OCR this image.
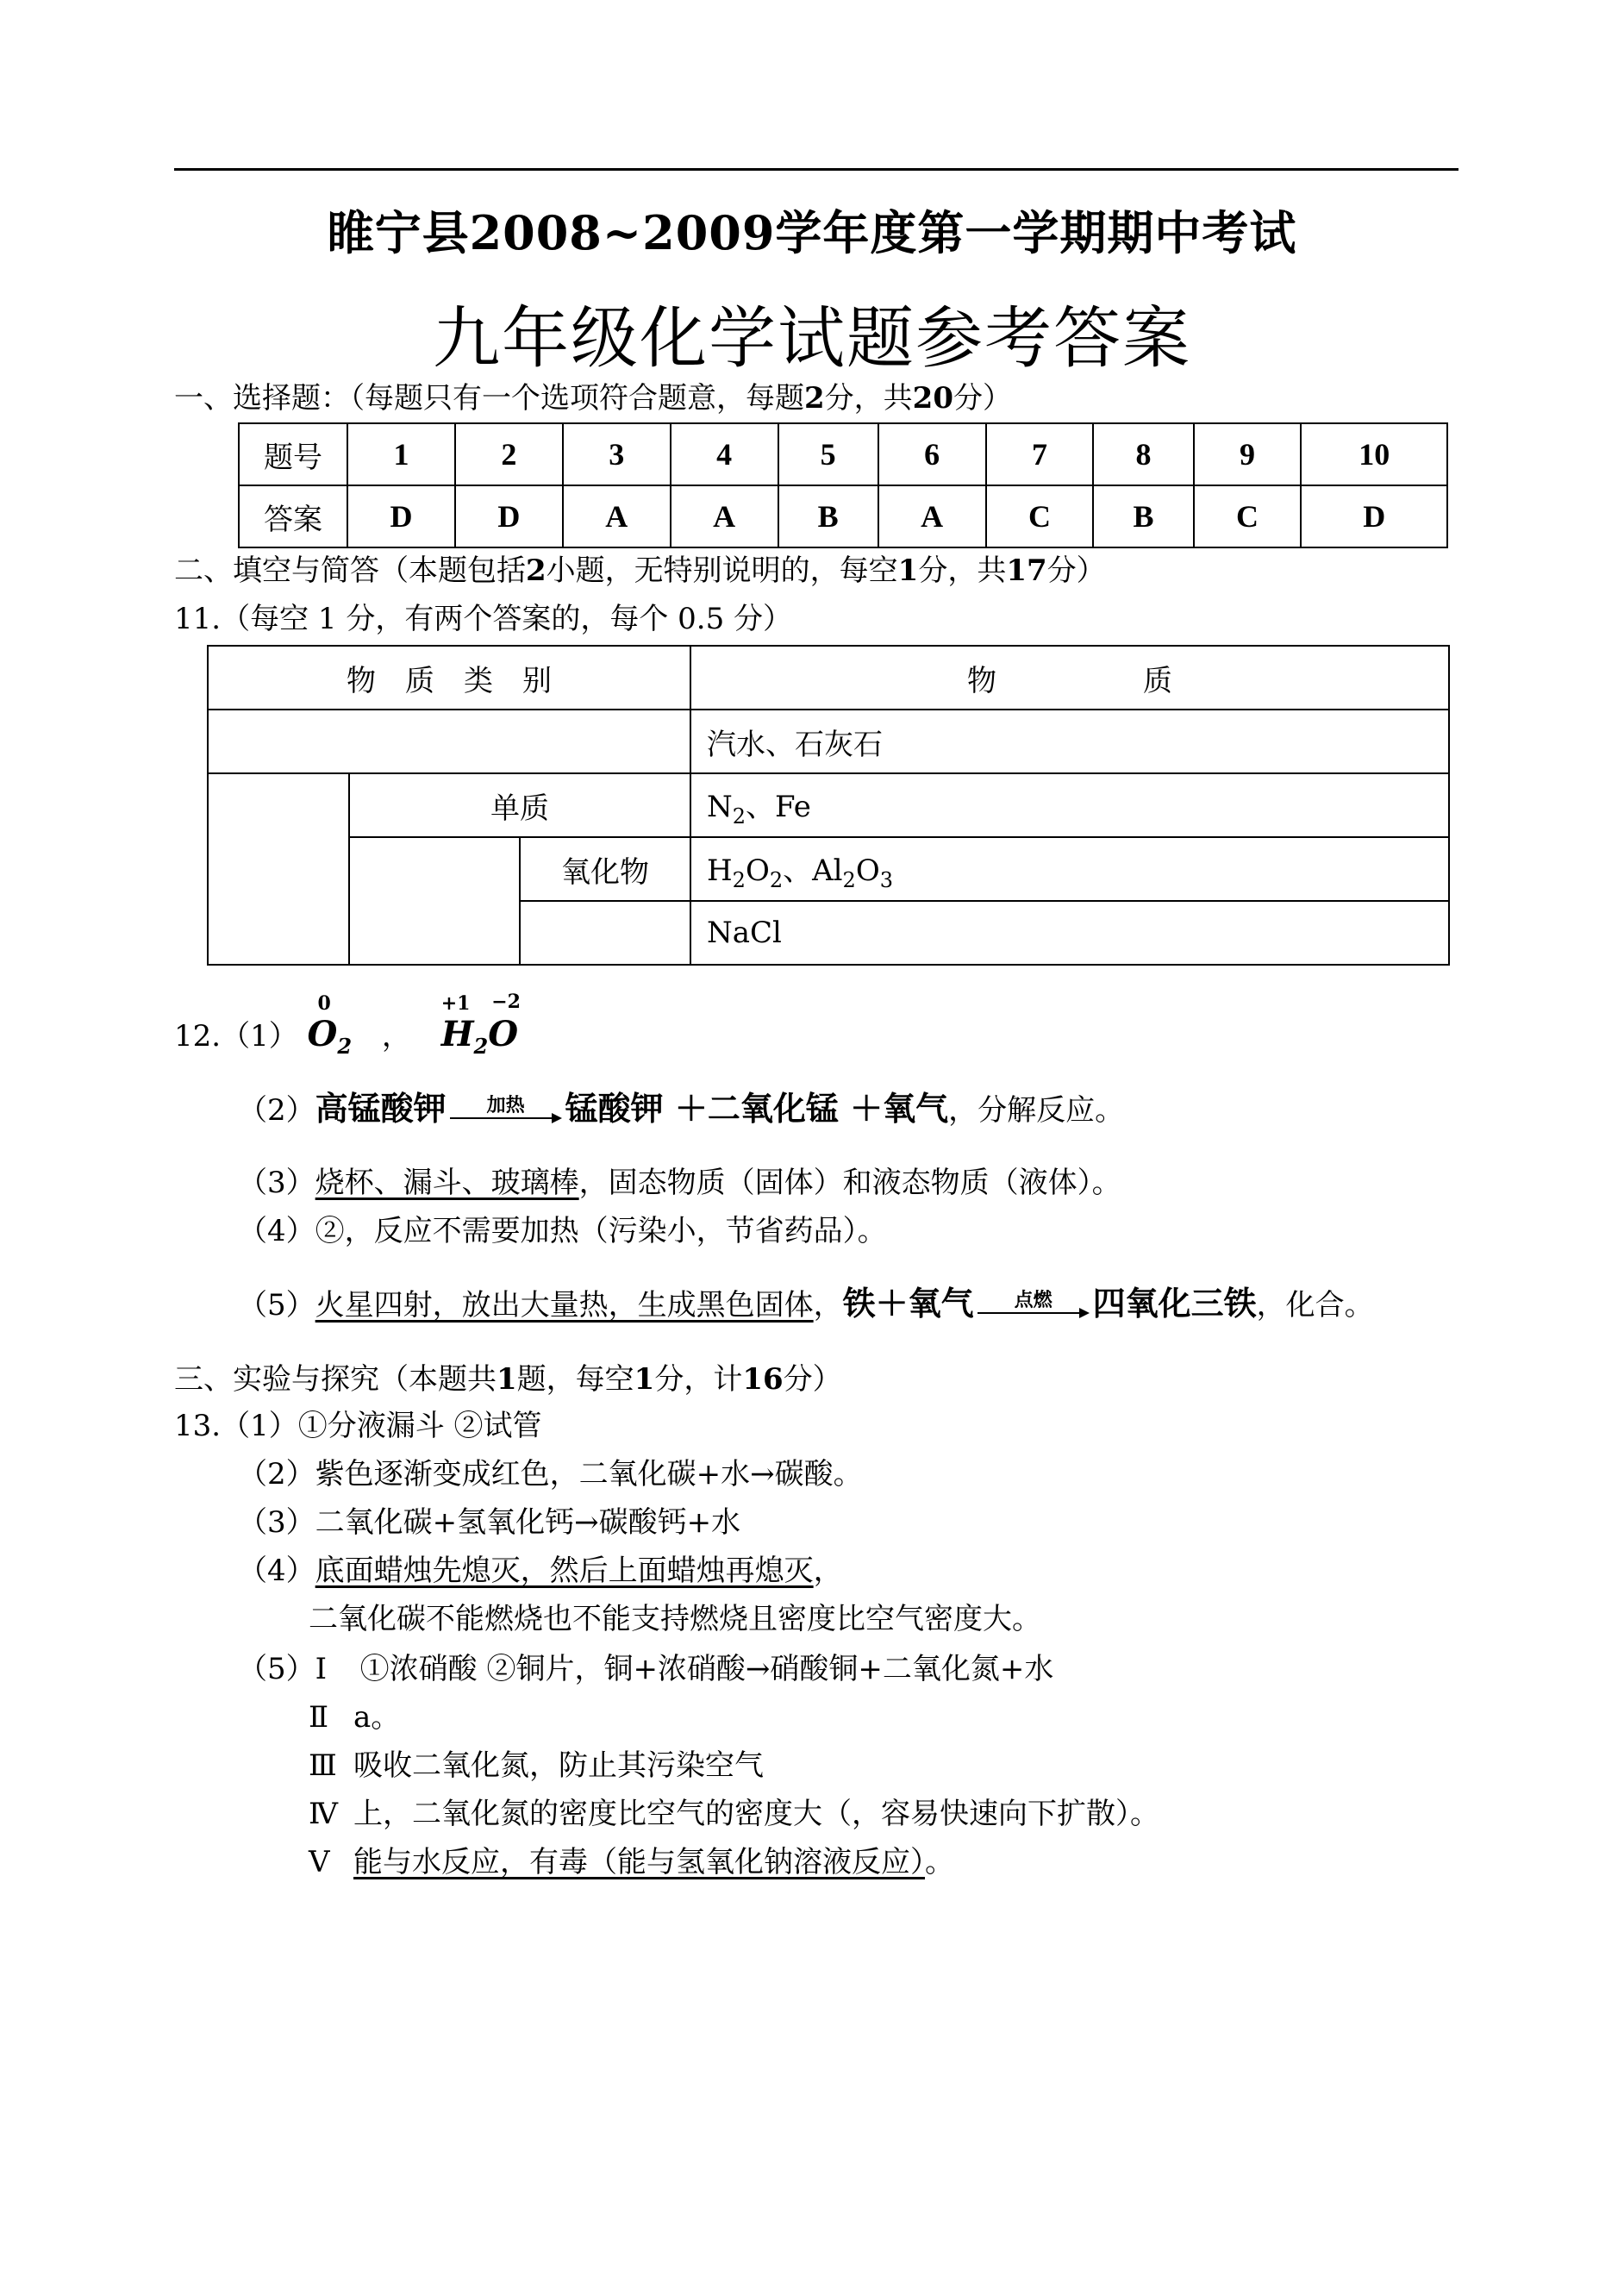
睢宁县2008~2009学年度第一学期期中考试
九年级化学试题参考答案
一、选择题：（每题只有一个选项符合题意，每题2分，共20分）
题号	1	2	3	4	5	6	7	8	9	10
答案	D	D	A	A	B	A	C	B	C	D
二、填空与简答（本题包括2小题，无特别说明的，每空1分，共17分）
11.（每空 1 分，有两个答案的，每个 0.5 分）
物　质　类　别			物　　　　　质
			汽水、石灰石
	单质		$N_2$、Fe
		氧化物	$H_2O_2$、$Al_2O_3$
			NaCl
12.（1）
0
$O_2$ ，
+1
$H_2$
−2
O
（2）高锰酸钾	加热	锰酸钾 ＋二氧化锰 ＋氧气，分解反应。
（3）烧杯、漏斗、玻璃棒，固态物质（固体）和液态物质（液体）。
（4）②，反应不需要加热（污染小，节省药品）。
（5）火星四射，放出大量热，生成黑色固体，铁＋氧气	点燃	四氧化三铁，化合。
三、实验与探究（本题共1题，每空1分，计16分）
13.（1）①分液漏斗 ②试管
（2）紫色逐渐变成红色，二氧化碳+水→碳酸。
（3）二氧化碳+氢氧化钙→碳酸钙+水
（4）底面蜡烛先熄灭，然后上面蜡烛再熄灭，
二氧化碳不能燃烧也不能支持燃烧且密度比空气密度大。
（5）Ⅰ ①浓硝酸 ②铜片，铜+浓硝酸→硝酸铜+二氧化氮+水
Ⅱ a。
Ⅲ 吸收二氧化氮，防止其污染空气
Ⅳ 上，二氧化氮的密度比空气的密度大（，容易快速向下扩散）。
Ⅴ 能与水反应，有毒（能与氢氧化钠溶液反应）。
